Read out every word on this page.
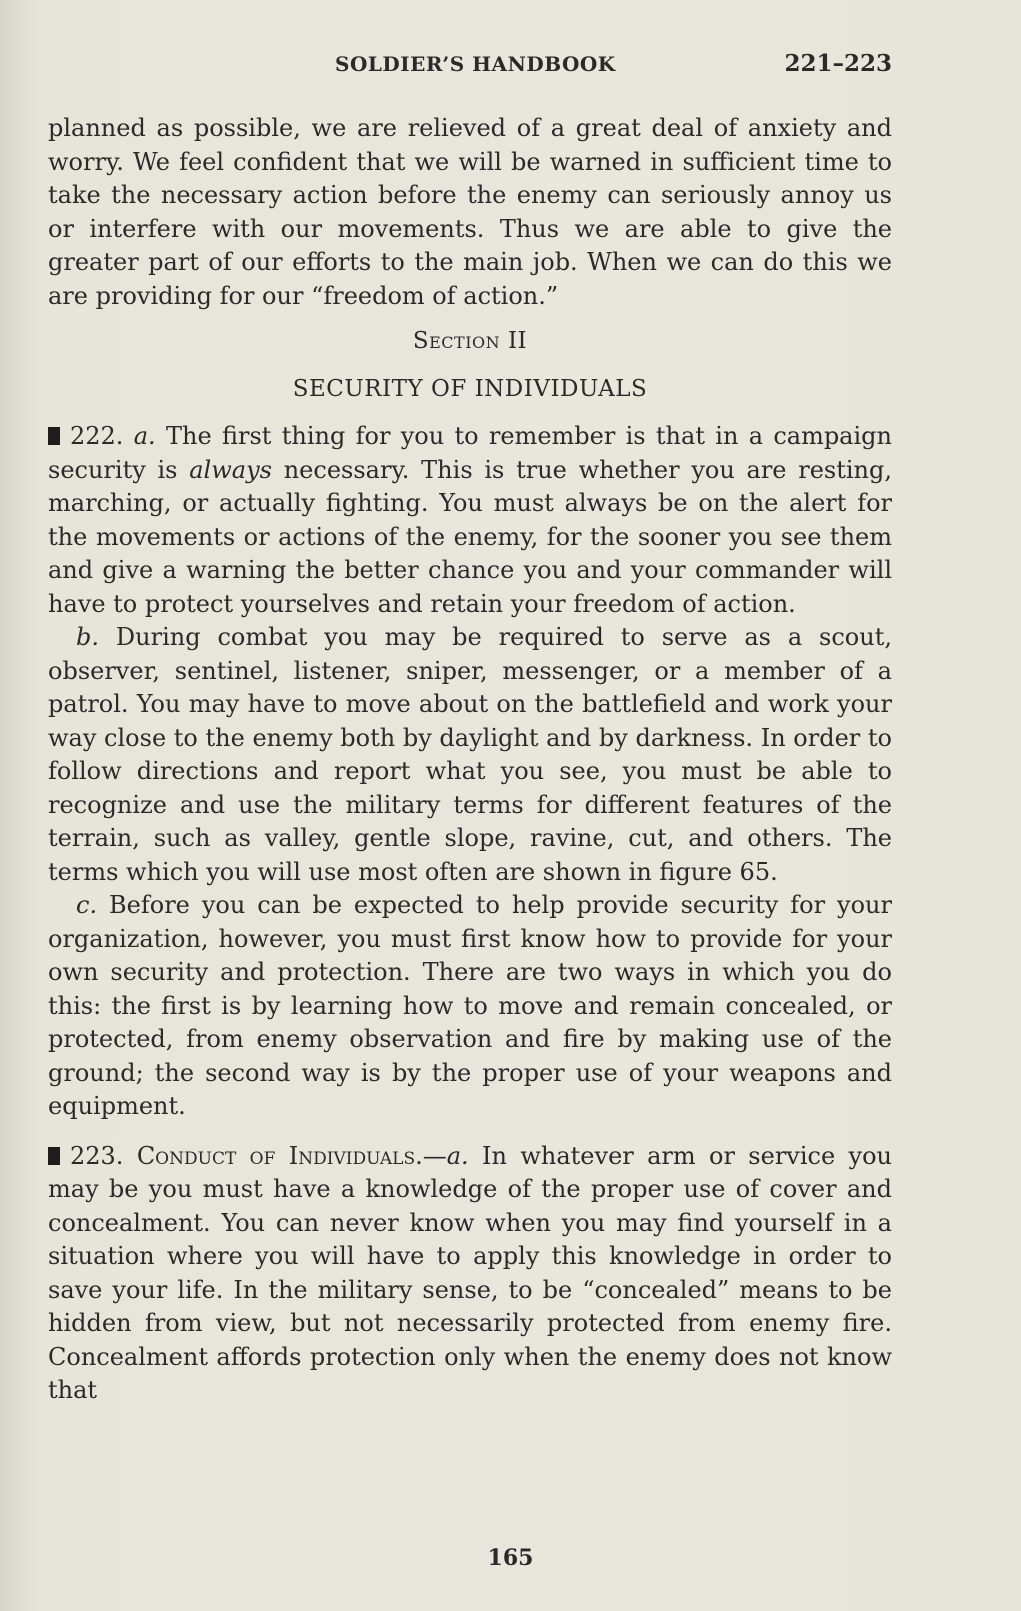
SOLDIER’S HANDBOOK	221–223

planned as possible, we are relieved of a great deal of anxiety and worry. We feel confident that we will be warned in sufficient time to take the necessary action before the enemy can seriously annoy us or interfere with our movements. Thus we are able to give the greater part of our efforts to the main job. When we can do this we are providing for our “freedom of action.”

Section II
SECURITY OF INDIVIDUALS

222. a. The first thing for you to remember is that in a campaign security is always necessary. This is true whether you are resting, marching, or actually fighting. You must always be on the alert for the movements or actions of the enemy, for the sooner you see them and give a warning the better chance you and your commander will have to protect yourselves and retain your freedom of action.

b. During combat you may be required to serve as a scout, observer, sentinel, listener, sniper, messenger, or a member of a patrol. You may have to move about on the battlefield and work your way close to the enemy both by daylight and by darkness. In order to follow directions and report what you see, you must be able to recognize and use the military terms for different features of the terrain, such as valley, gentle slope, ravine, cut, and others. The terms which you will use most often are shown in figure 65.

c. Before you can be expected to help provide security for your organization, however, you must first know how to provide for your own security and protection. There are two ways in which you do this: the first is by learning how to move and remain concealed, or protected, from enemy observation and fire by making use of the ground; the second way is by the proper use of your weapons and equipment.

223. Conduct of Individuals.—a. In whatever arm or service you may be you must have a knowledge of the proper use of cover and concealment. You can never know when you may find yourself in a situation where you will have to apply this knowledge in order to save your life. In the military sense, to be “concealed” means to be hidden from view, but not necessarily protected from enemy fire. Concealment affords protection only when the enemy does not know that

165
